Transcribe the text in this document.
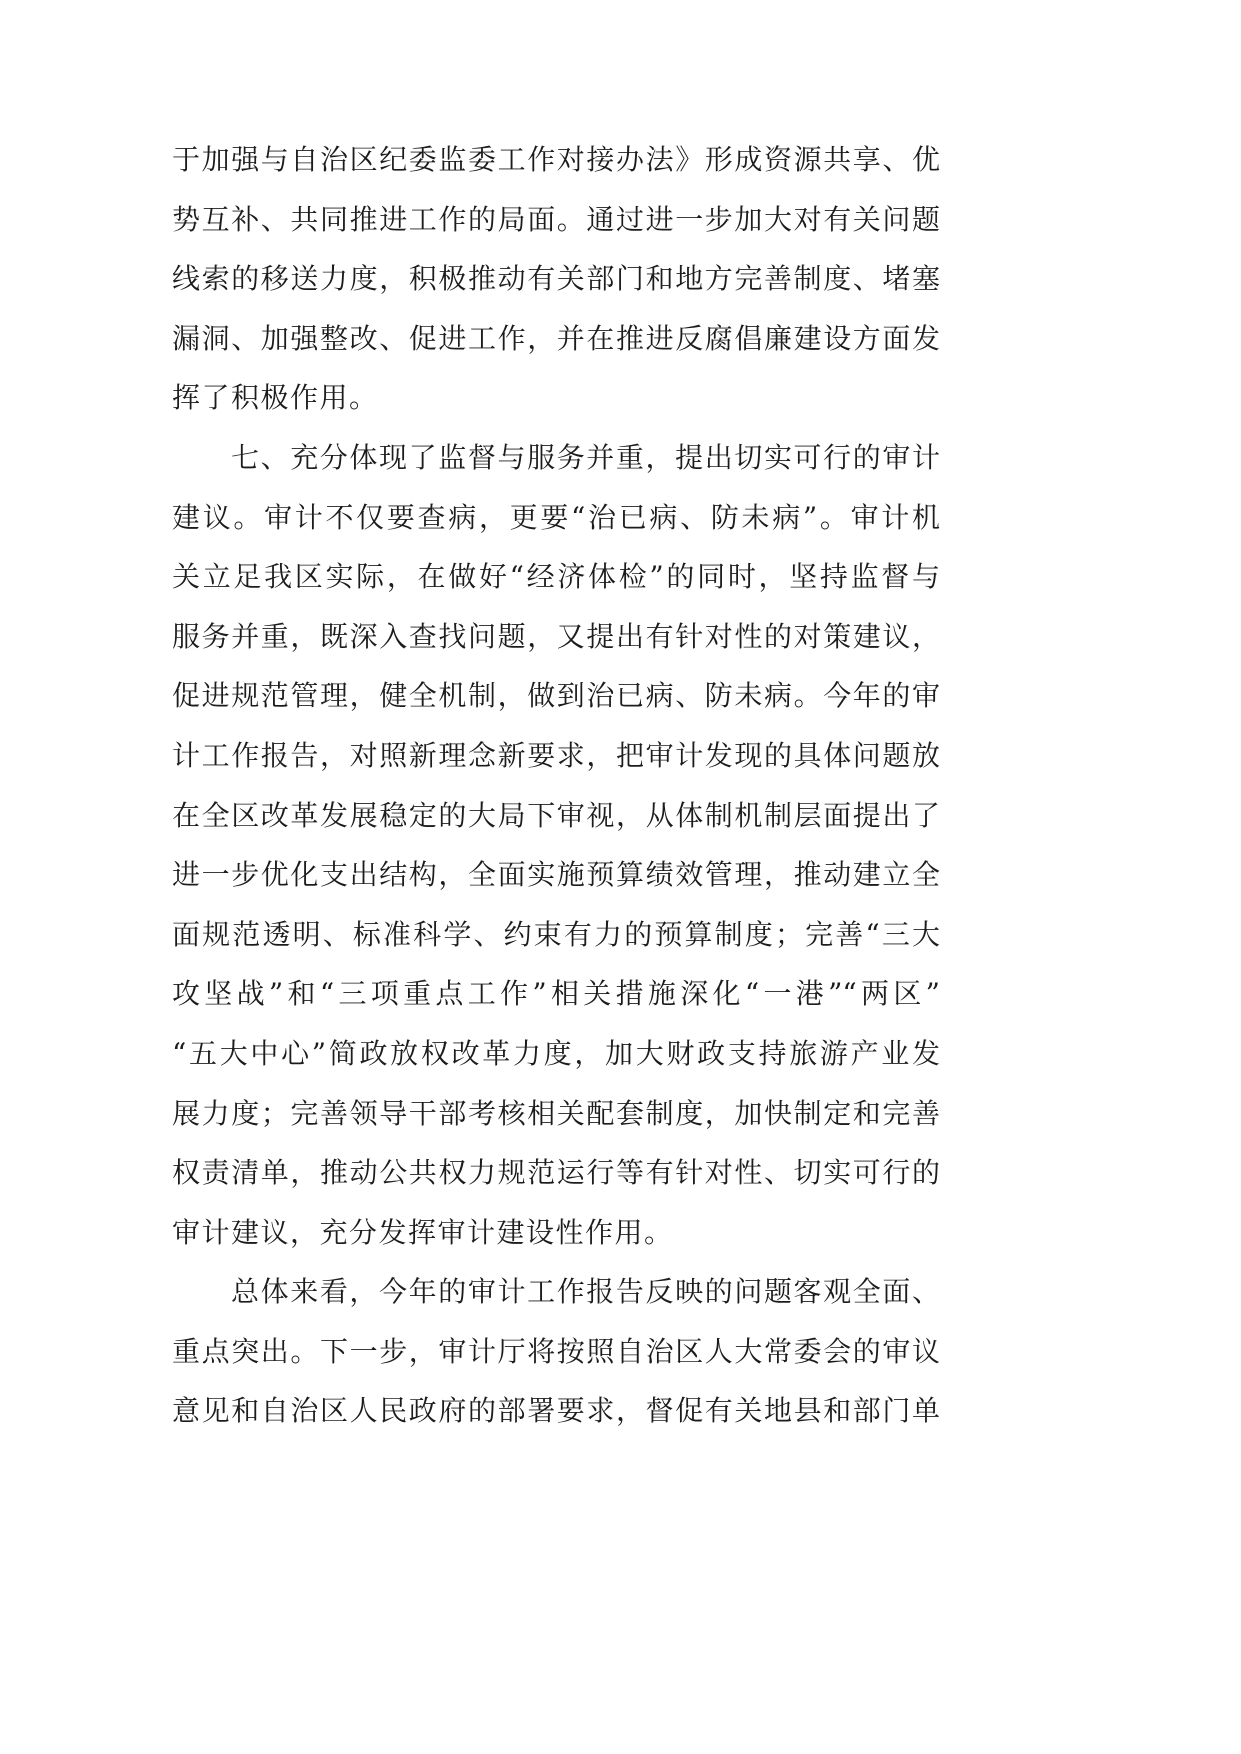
于加强与自治区纪委监委工作对接办法》形成资源共享、优
势互补、共同推进工作的局面。通过进一步加大对有关问题
线索的移送力度，积极推动有关部门和地方完善制度、堵塞
漏洞、加强整改、促进工作，并在推进反腐倡廉建设方面发
挥了积极作用。
七、充分体现了监督与服务并重，提出切实可行的审计
建议。审计不仅要查病，更要“治已病、防未病”。审计机
关立足我区实际，在做好“经济体检”的同时，坚持监督与
服务并重，既深入查找问题，又提出有针对性的对策建议，
促进规范管理，健全机制，做到治已病、防未病。今年的审
计工作报告，对照新理念新要求，把审计发现的具体问题放
在全区改革发展稳定的大局下审视，从体制机制层面提出了
进一步优化支出结构，全面实施预算绩效管理，推动建立全
面规范透明、标准科学、约束有力的预算制度；完善“三大
攻坚战”和“三项重点工作”相关措施深化“一港”“两区”
“五大中心”简政放权改革力度，加大财政支持旅游产业发
展力度；完善领导干部考核相关配套制度，加快制定和完善
权责清单，推动公共权力规范运行等有针对性、切实可行的
审计建议，充分发挥审计建设性作用。
总体来看，今年的审计工作报告反映的问题客观全面、
重点突出。下一步，审计厅将按照自治区人大常委会的审议
意见和自治区人民政府的部署要求，督促有关地县和部门单
